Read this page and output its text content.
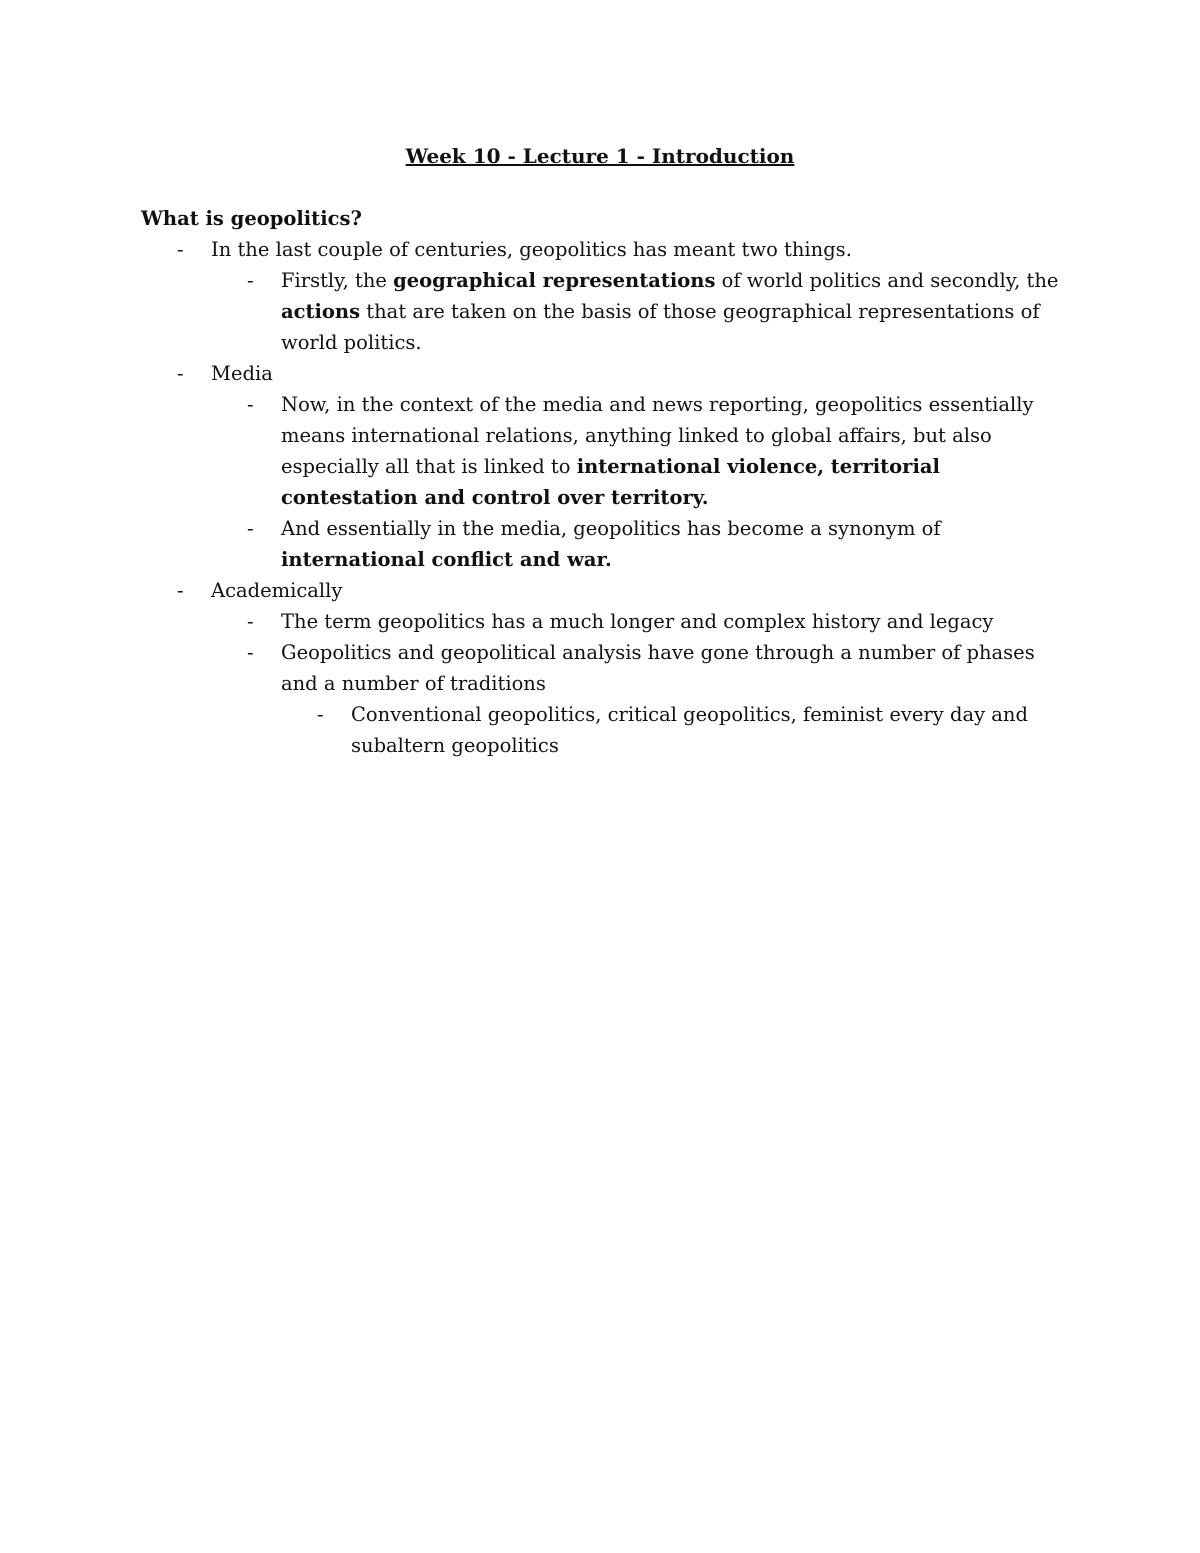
Week 10 - Lecture 1 - Introduction

What is geopolitics?

- In the last couple of centuries, geopolitics has meant two things.
- Firstly, the geographical representations of world politics and secondly, the actions that are taken on the basis of those geographical representations of world politics.
- Media
- Now, in the context of the media and news reporting, geopolitics essentially means international relations, anything linked to global affairs, but also especially all that is linked to international violence, territorial contestation and control over territory.
- And essentially in the media, geopolitics has become a synonym of international conflict and war.
- Academically
- The term geopolitics has a much longer and complex history and legacy
- Geopolitics and geopolitical analysis have gone through a number of phases and a number of traditions
- Conventional geopolitics, critical geopolitics, feminist every day and subaltern geopolitics
